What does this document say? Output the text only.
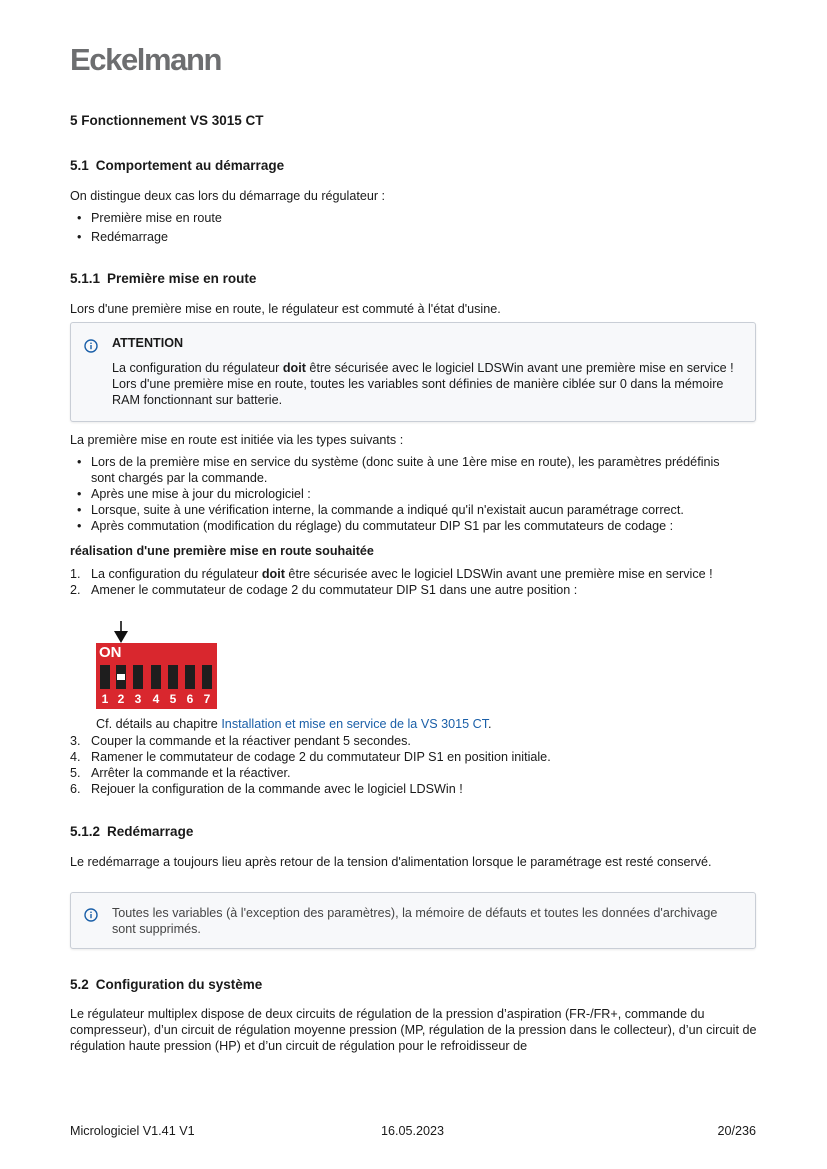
Eckelmann
5 Fonctionnement VS 3015 CT
5.1 Comportement au démarrage

On distingue deux cas lors du démarrage du régulateur :

• Première mise en route
• Redémarrage
5.1.1 Première mise en route

Lors d'une première mise en route, le régulateur est commuté à l'état d'usine.

ATTENTION
La configuration du régulateur doit être sécurisée avec le logiciel LDSWin avant une première mise en service ! Lors d'une première mise en route, toutes les variables sont définies de manière ciblée sur 0 dans la mémoire RAM fonctionnant sur batterie.

La première mise en route est initiée via les types suivants :

• Lors de la première mise en service du système (donc suite à une 1ère mise en route), les paramètres prédéfinis sont chargés par la commande.
• Après une mise à jour du micrologiciel :
• Lorsque, suite à une vérification interne, la commande a indiqué qu'il n'existait aucun paramétrage correct.
• Après commutation (modification du réglage) du commutateur DIP S1 par les commutateurs de codage :
réalisation d'une première mise en route souhaitée
1. La configuration du régulateur doit être sécurisée avec le logiciel LDSWin avant une première mise en service !
2. Amener le commutateur de codage 2 du commutateur DIP S1 dans une autre position :
ON
1 2 3 4 5 6 7
Cf. détails au chapitre Installation et mise en service de la VS 3015 CT.
3. Couper la commande et la réactiver pendant 5 secondes.
4. Ramener le commutateur de codage 2 du commutateur DIP S1 en position initiale.
5. Arrêter la commande et la réactiver.
6. Rejouer la configuration de la commande avec le logiciel LDSWin !
5.1.2 Redémarrage

Le redémarrage a toujours lieu après retour de la tension d'alimentation lorsque le paramétrage est resté conservé.

Toutes les variables (à l'exception des paramètres), la mémoire de défauts et toutes les données d'archivage sont supprimés.
5.2 Configuration du système

Le régulateur multiplex dispose de deux circuits de régulation de la pression d’aspiration (FR-/FR+, commande du compresseur), d’un circuit de régulation moyenne pression (MP, régulation de la pression dans le collecteur), d’un circuit de régulation haute pression (HP) et d’un circuit de régulation pour le refroidisseur de

Micrologiciel V1.41 V1	16.05.2023	20/236
